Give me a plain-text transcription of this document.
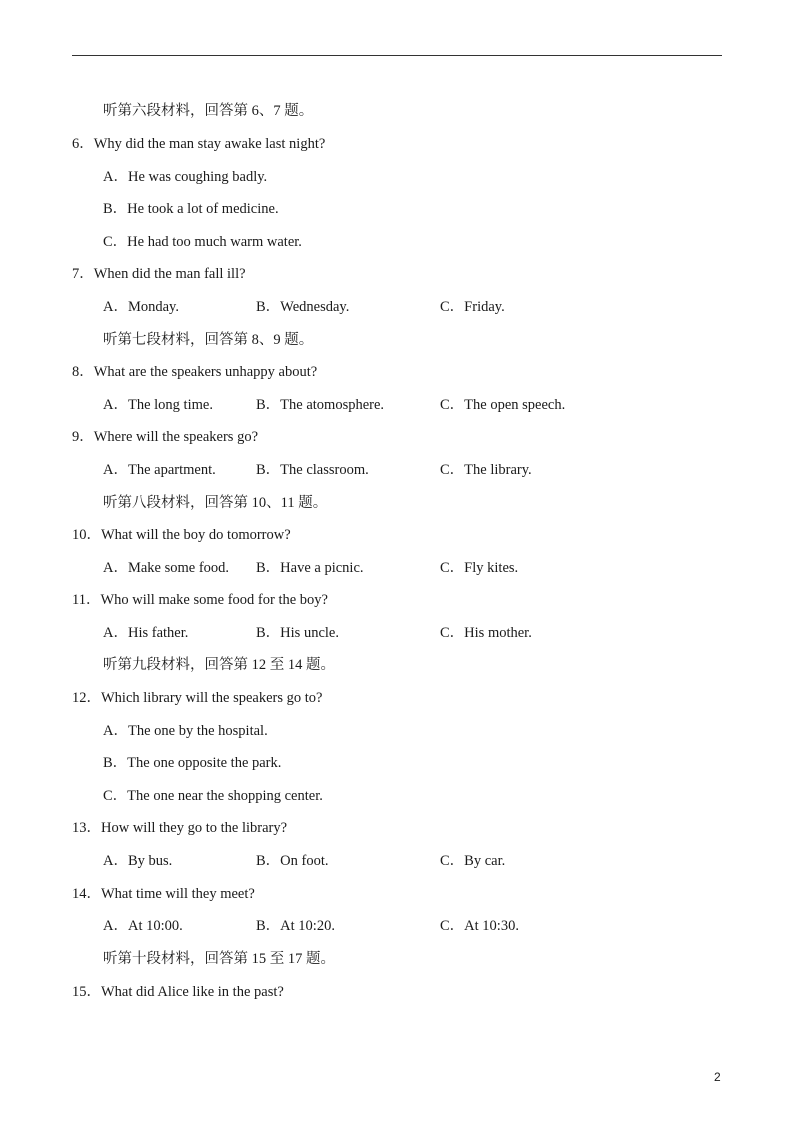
听第六段材料，回答第 6、7 题。
6．Why did the man stay awake last night?
A．He was coughing badly.
B．He took a lot of medicine.
C．He had too much warm water.
7．When did the man fall ill?
A．Monday.	B．Wednesday.	C．Friday.
听第七段材料，回答第 8、9 题。
8．What are the speakers unhappy about?
A．The long time.	B．The atomosphere.	C．The open speech.
9．Where will the speakers go?
A．The apartment.	B．The classroom.	C．The library.
听第八段材料，回答第 10、11 题。
10．What will the boy do tomorrow?
A．Make some food. B．Have a picnic.	C．Fly kites.
11．Who will make some food for the boy?
A．His father.	B．His uncle.	C．His mother.
听第九段材料，回答第 12 至 14 题。
12．Which library will the speakers go to?
A．The one by the hospital.
B．The one opposite the park.
C．The one near the shopping center.
13．How will they go to the library?
A．By bus.	B．On foot.	C．By car.
14．What time will they meet?
A．At 10:00.	B．At 10:20.	C．At 10:30.
听第十段材料，回答第 15 至 17 题。
15．What did Alice like in the past?
2
